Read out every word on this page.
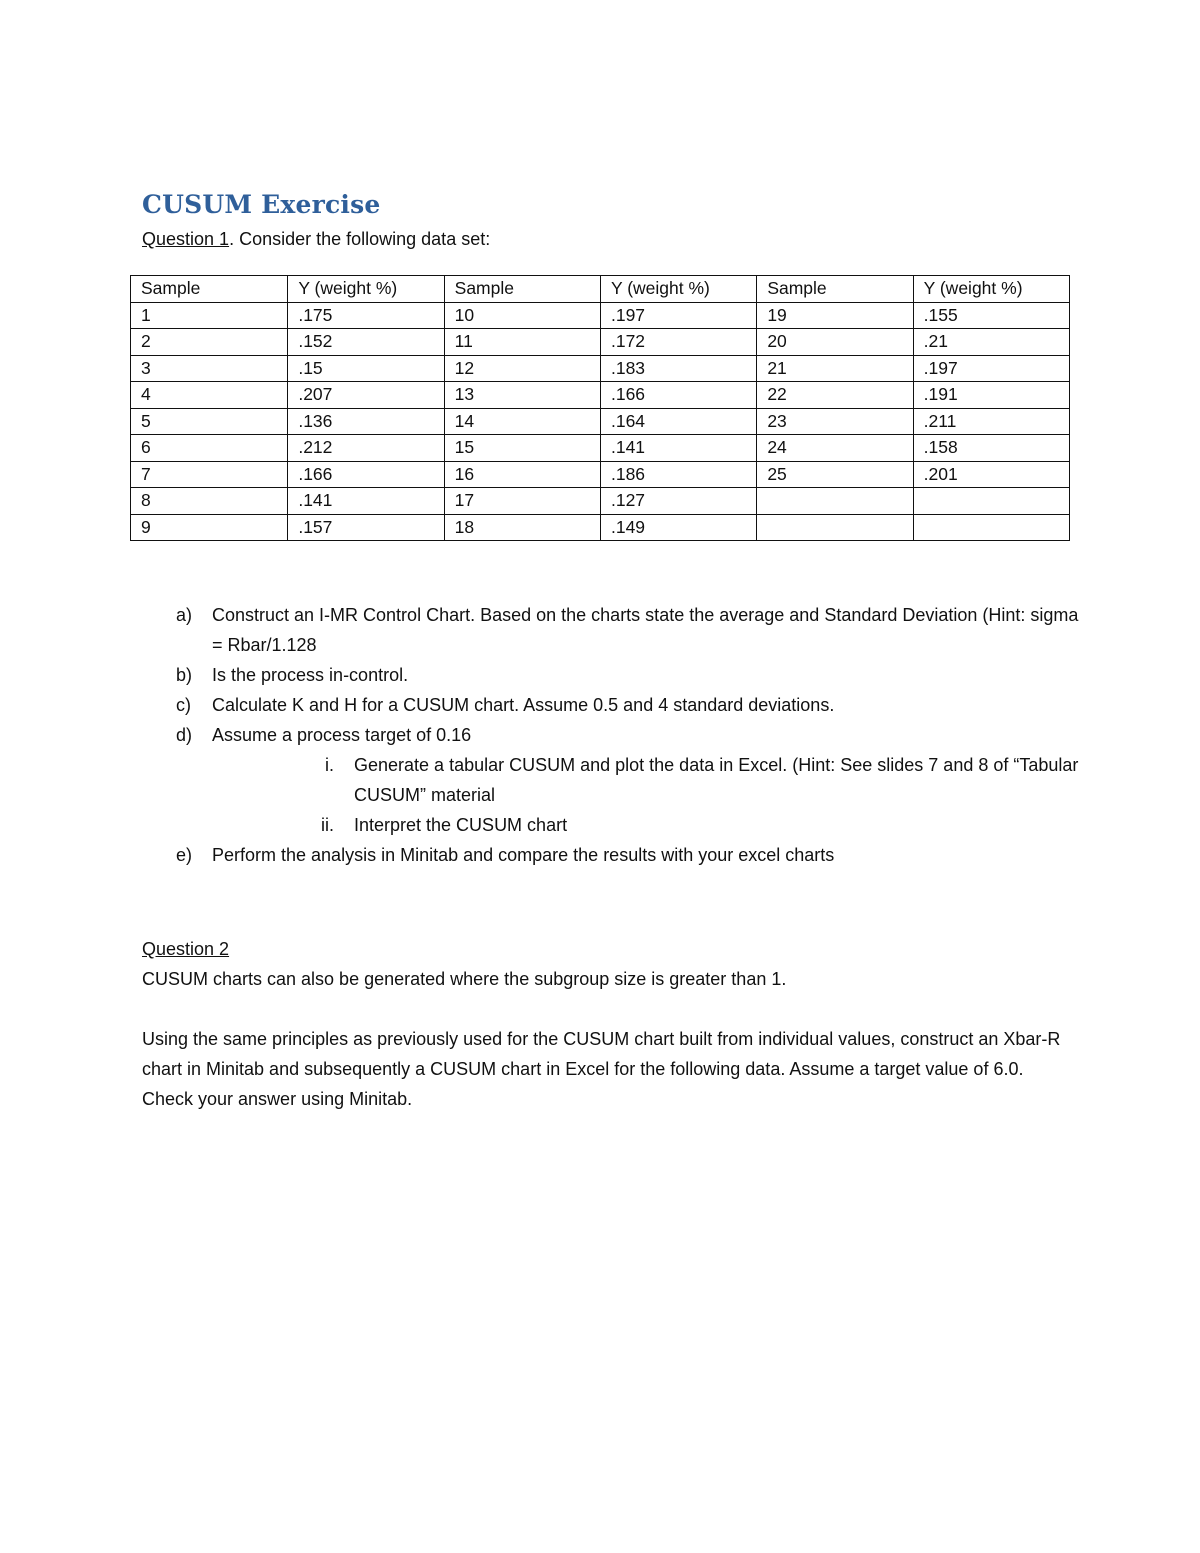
CUSUM Exercise
Question 1. Consider the following data set:
Sample	Y (weight %)	Sample	Y (weight %)	Sample	Y (weight %)
1	.175	10	.197	19	.155
2	.152	11	.172	20	.21
3	.15	12	.183	21	.197
4	.207	13	.166	22	.191
5	.136	14	.164	23	.211
6	.212	15	.141	24	.158
7	.166	16	.186	25	.201
8	.141	17	.127		
9	.157	18	.149		
a) Construct an I-MR Control Chart. Based on the charts state the average and Standard Deviation (Hint: sigma = Rbar/1.128
b) Is the process in-control.
c) Calculate K and H for a CUSUM chart. Assume 0.5 and 4 standard deviations.
d) Assume a process target of 0.16
i. Generate a tabular CUSUM and plot the data in Excel. (Hint: See slides 7 and 8 of “Tabular CUSUM” material
ii. Interpret the CUSUM chart
e) Perform the analysis in Minitab and compare the results with your excel charts

Question 2

CUSUM charts can also be generated where the subgroup size is greater than 1.

Using the same principles as previously used for the CUSUM chart built from individual values, construct an Xbar-R chart in Minitab and subsequently a CUSUM chart in Excel for the following data. Assume a target value of 6.0.

Check your answer using Minitab.
